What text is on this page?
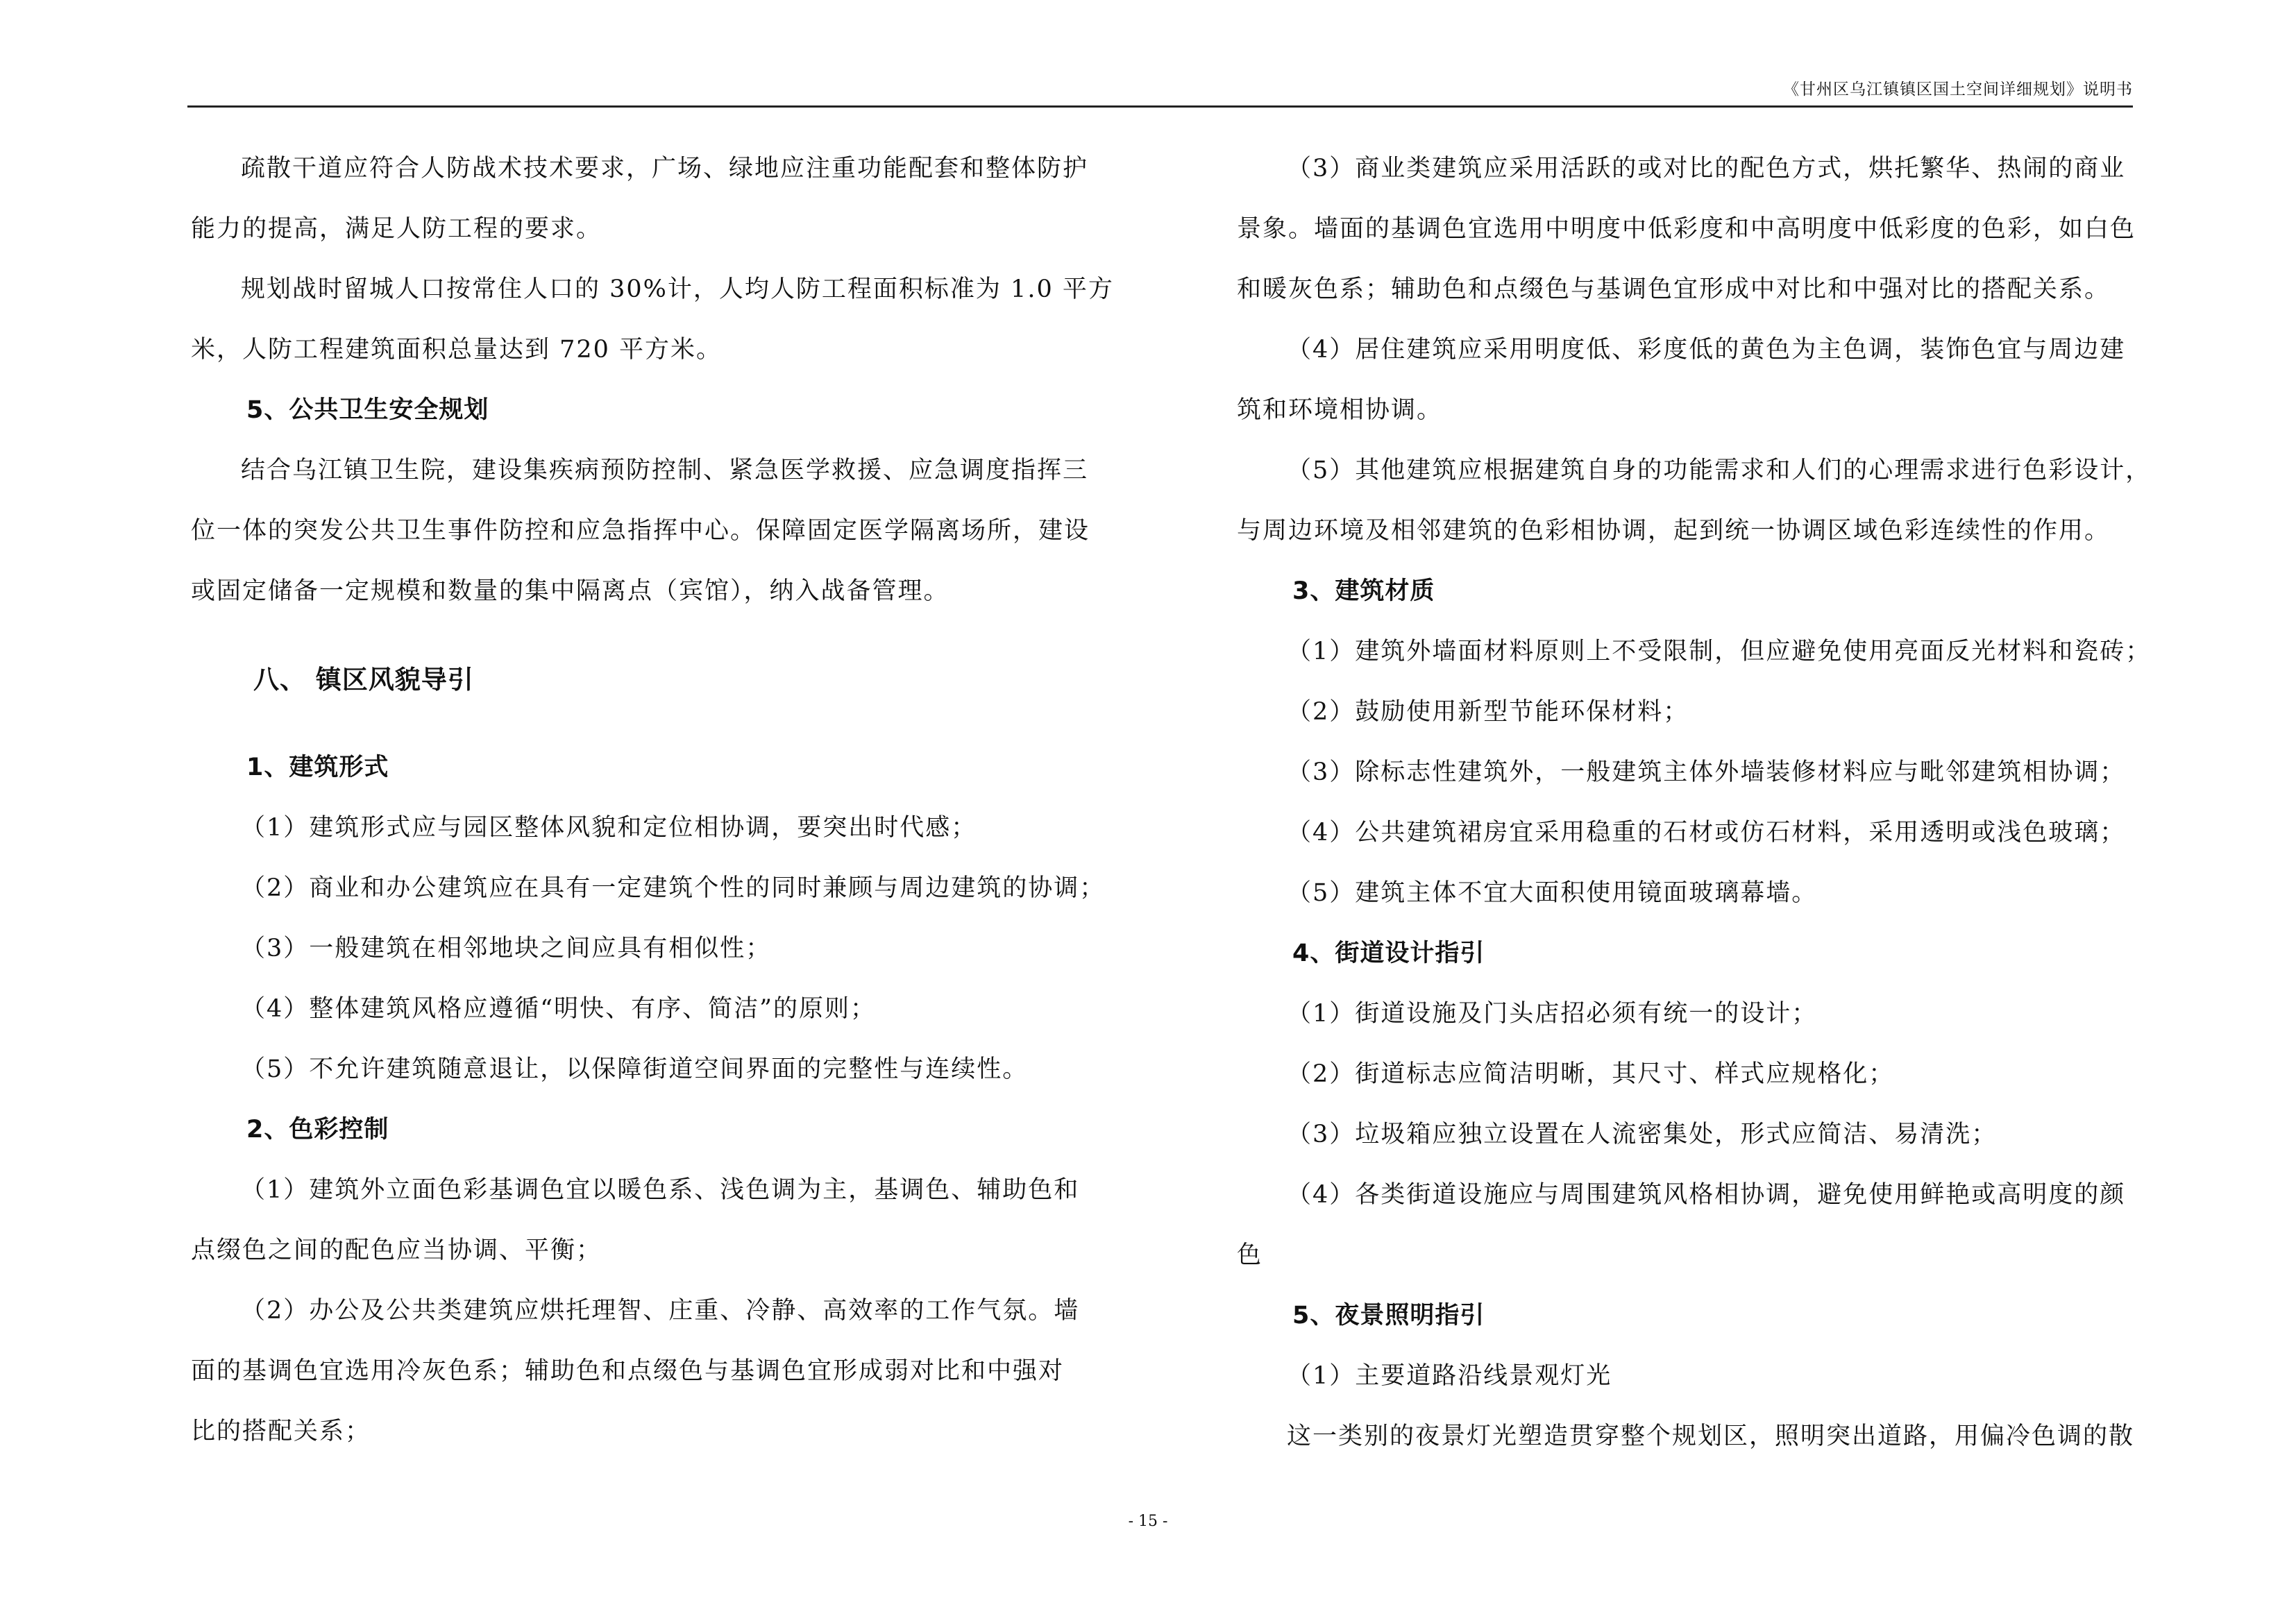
《甘州区乌江镇镇区国土空间详细规划》说明书
疏散干道应符合人防战术技术要求，广场、绿地应注重功能配套和整体防护
能力的提高，满足人防工程的要求。
规划战时留城人口按常住人口的 30%计，人均人防工程面积标准为 1.0 平方
米，人防工程建筑面积总量达到 720 平方米。
5、公共卫生安全规划
结合乌江镇卫生院，建设集疾病预防控制、紧急医学救援、应急调度指挥三
位一体的突发公共卫生事件防控和应急指挥中心。保障固定医学隔离场所，建设
或固定储备一定规模和数量的集中隔离点（宾馆），纳入战备管理。
八、 镇区风貌导引
1、建筑形式
（1）建筑形式应与园区整体风貌和定位相协调，要突出时代感；
（2）商业和办公建筑应在具有一定建筑个性的同时兼顾与周边建筑的协调；
（3）一般建筑在相邻地块之间应具有相似性；
（4）整体建筑风格应遵循“明快、有序、简洁”的原则；
（5）不允许建筑随意退让，以保障街道空间界面的完整性与连续性。
2、色彩控制
（1）建筑外立面色彩基调色宜以暖色系、浅色调为主，基调色、辅助色和
点缀色之间的配色应当协调、平衡；
（2）办公及公共类建筑应烘托理智、庄重、冷静、高效率的工作气氛。墙
面的基调色宜选用冷灰色系；辅助色和点缀色与基调色宜形成弱对比和中强对
比的搭配关系；
（3）商业类建筑应采用活跃的或对比的配色方式，烘托繁华、热闹的商业
景象。墙面的基调色宜选用中明度中低彩度和中高明度中低彩度的色彩，如白色
和暖灰色系；辅助色和点缀色与基调色宜形成中对比和中强对比的搭配关系。
（4）居住建筑应采用明度低、彩度低的黄色为主色调，装饰色宜与周边建
筑和环境相协调。
（5）其他建筑应根据建筑自身的功能需求和人们的心理需求进行色彩设计，
与周边环境及相邻建筑的色彩相协调，起到统一协调区域色彩连续性的作用。
3、建筑材质
（1）建筑外墙面材料原则上不受限制，但应避免使用亮面反光材料和瓷砖；
（2）鼓励使用新型节能环保材料；
（3）除标志性建筑外，一般建筑主体外墙装修材料应与毗邻建筑相协调；
（4）公共建筑裙房宜采用稳重的石材或仿石材料，采用透明或浅色玻璃；
（5）建筑主体不宜大面积使用镜面玻璃幕墙。
4、街道设计指引
（1）街道设施及门头店招必须有统一的设计；
（2）街道标志应简洁明晰，其尺寸、样式应规格化；
（3）垃圾箱应独立设置在人流密集处，形式应简洁、易清洗；
（4）各类街道设施应与周围建筑风格相协调，避免使用鲜艳或高明度的颜
色
5、夜景照明指引
（1）主要道路沿线景观灯光
这一类别的夜景灯光塑造贯穿整个规划区，照明突出道路，用偏冷色调的散
- 15 -
